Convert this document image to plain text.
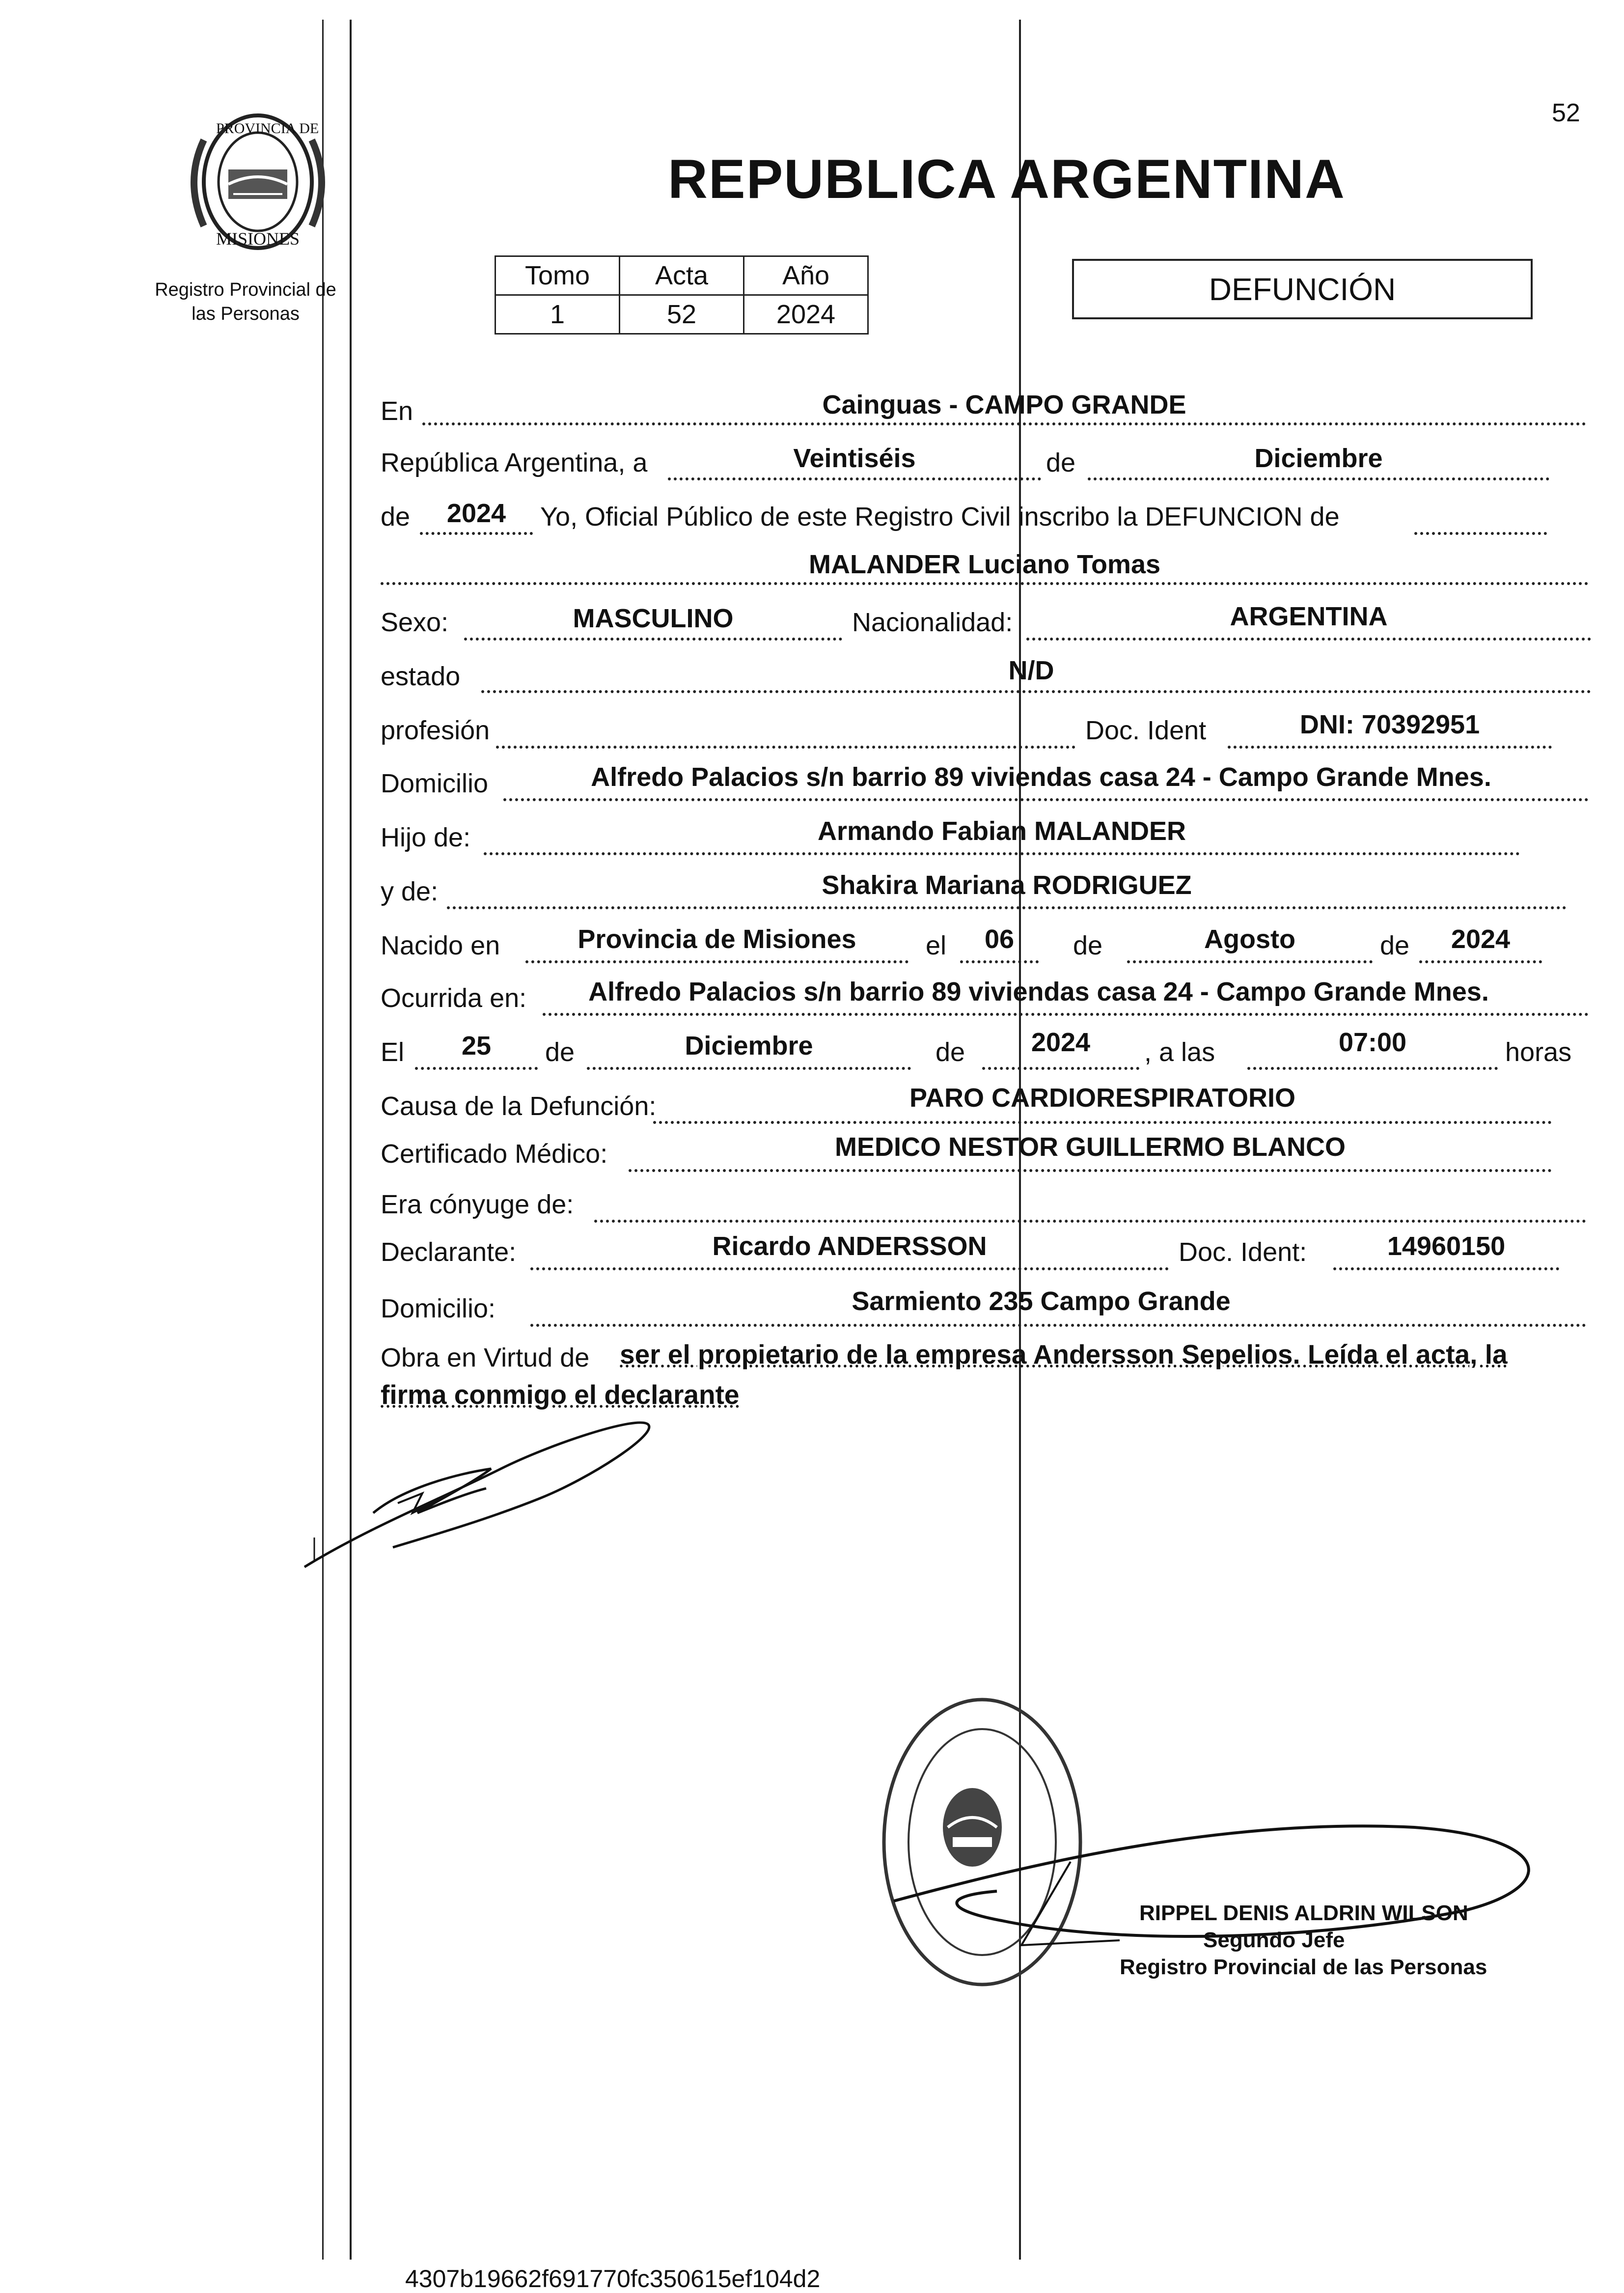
52
PROVINCIA DE
MISIONES
Registro Provincial de
las Personas
REPUBLICA ARGENTINA
Tomo	Acta	Año
1	52	2024
DEFUNCIÓN
En	Cainguas - CAMPO GRANDE
República Argentina, a	Veintiséis	de	Diciembre
de	2024	Yo, Oficial Público de este Registro Civil inscribo la DEFUNCION de
MALANDER Luciano Tomas
Sexo:	MASCULINO	Nacionalidad:	ARGENTINA
estado	N/D
profesión	Doc. Ident	DNI: 70392951
Domicilio	Alfredo Palacios s/n barrio 89 viviendas casa 24 - Campo Grande Mnes.
Hijo de:	Armando Fabian MALANDER
y de:	Shakira Mariana RODRIGUEZ
Nacido en	Provincia de Misiones	el	06	de	Agosto	de	2024
Ocurrida en:	Alfredo Palacios s/n barrio 89 viviendas casa 24 - Campo Grande Mnes.
El	25	de	Diciembre	de	2024	, a las	07:00	horas
Causa de la Defunción:	PARO CARDIORESPIRATORIO
Certificado Médico:	MEDICO NESTOR GUILLERMO BLANCO
Era cónyuge de:
Declarante:	Ricardo ANDERSSON	Doc. Ident:	14960150
Domicilio:	Sarmiento 235 Campo Grande
Obra en Virtud de ser el propietario de la empresa Andersson Sepelios. Leída el acta, la
firma conmigo el declarante
RIPPEL DENIS ALDRIN WILSON
Segundo Jefe
Registro Provincial de las Personas
4307b19662f691770fc350615ef104d2
